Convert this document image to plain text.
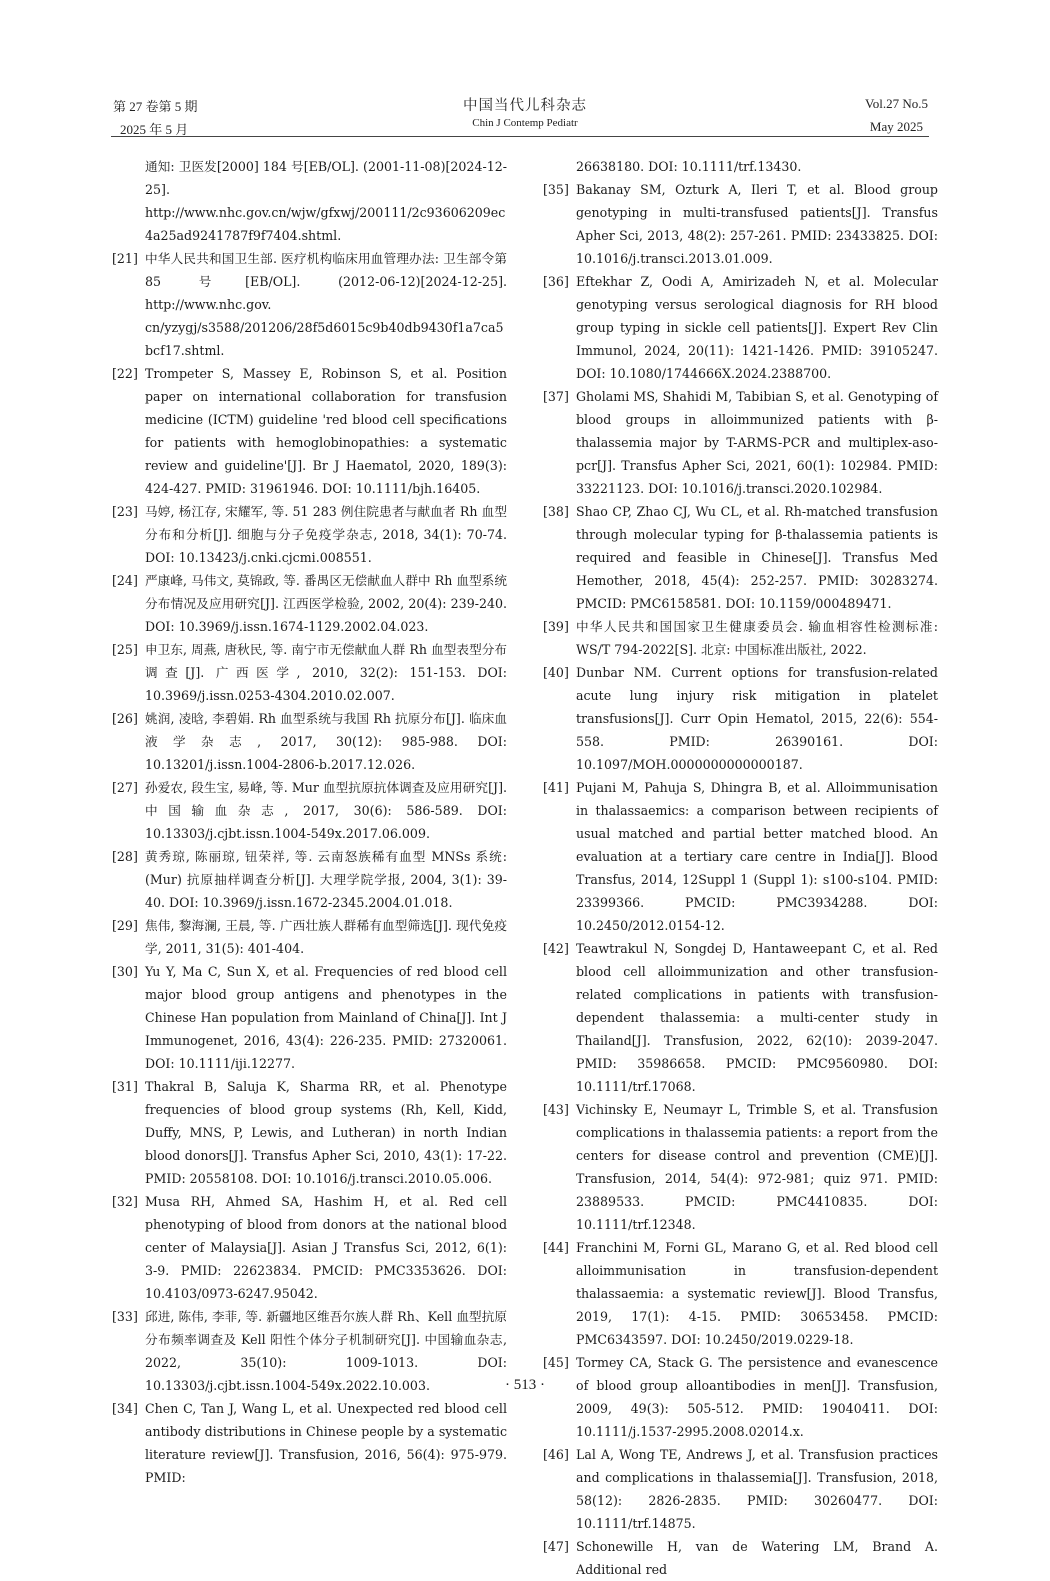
第 27 卷第 5 期
2025 年 5 月
中国当代儿科杂志
Chin J Contemp Pediatr
Vol.27 No.5
May 2025
通知: 卫医发[2000] 184 号[EB/OL]. (2001-11-08)[2024-12-25]. http://www.nhc.gov.cn/wjw/gfxwj/200111/2c93606209ec4a25ad9241787f9f7404.shtml.
[21] 中华人民共和国卫生部. 医疗机构临床用血管理办法: 卫生部令第 85 号[EB/OL]. (2012-06-12)[2024-12-25]. http://www.nhc.gov. cn/yzygj/s3588/201206/28f5d6015c9b40db9430f1a7ca5bcf17.shtml.
[22] Trompeter S, Massey E, Robinson S, et al. Position paper on international collaboration for transfusion medicine (ICTM) guideline 'red blood cell specifications for patients with hemoglobinopathies: a systematic review and guideline'[J]. Br J Haematol, 2020, 189(3): 424-427. PMID: 31961946. DOI: 10.1111/bjh.16405.
[23] 马婷, 杨江存, 宋耀军, 等. 51 283 例住院患者与献血者 Rh 血型分布和分析[J]. 细胞与分子免疫学杂志, 2018, 34(1): 70-74. DOI: 10.13423/j.cnki.cjcmi.008551.
[24] 严康峰, 马伟文, 莫锦政, 等. 番禺区无偿献血人群中 Rh 血型系统分布情况及应用研究[J]. 江西医学检验, 2002, 20(4): 239-240. DOI: 10.3969/j.issn.1674-1129.2002.04.023.
[25] 申卫东, 周燕, 唐秋民, 等. 南宁市无偿献血人群 Rh 血型表型分布调查[J]. 广西医学, 2010, 32(2): 151-153. DOI: 10.3969/j.issn.0253-4304.2010.02.007.
[26] 姚润, 凌晗, 李碧娟. Rh 血型系统与我国 Rh 抗原分布[J]. 临床血液学杂志, 2017, 30(12): 985-988. DOI: 10.13201/j.issn.1004-2806-b.2017.12.026.
[27] 孙爱农, 段生宝, 易峰, 等. Mur 血型抗原抗体调查及应用研究[J]. 中国输血杂志, 2017, 30(6): 586-589. DOI: 10.13303/j.cjbt.issn.1004-549x.2017.06.009.
[28] 黄秀琼, 陈丽琼, 钮荣祥, 等. 云南怒族稀有血型 MNSs 系统: (Mur) 抗原抽样调查分析[J]. 大理学院学报, 2004, 3(1): 39-40. DOI: 10.3969/j.issn.1672-2345.2004.01.018.
[29] 焦伟, 黎海澜, 王晨, 等. 广西壮族人群稀有血型筛选[J]. 现代免疫学, 2011, 31(5): 401-404.
[30] Yu Y, Ma C, Sun X, et al. Frequencies of red blood cell major blood group antigens and phenotypes in the Chinese Han population from Mainland of China[J]. Int J Immunogenet, 2016, 43(4): 226-235. PMID: 27320061. DOI: 10.1111/iji.12277.
[31] Thakral B, Saluja K, Sharma RR, et al. Phenotype frequencies of blood group systems (Rh, Kell, Kidd, Duffy, MNS, P, Lewis, and Lutheran) in north Indian blood donors[J]. Transfus Apher Sci, 2010, 43(1): 17-22. PMID: 20558108. DOI: 10.1016/j.transci.2010.05.006.
[32] Musa RH, Ahmed SA, Hashim H, et al. Red cell phenotyping of blood from donors at the national blood center of Malaysia[J]. Asian J Transfus Sci, 2012, 6(1): 3-9. PMID: 22623834. PMCID: PMC3353626. DOI: 10.4103/0973-6247.95042.
[33] 邱进, 陈伟, 李菲, 等. 新疆地区维吾尔族人群 Rh、Kell 血型抗原分布频率调查及 Kell 阳性个体分子机制研究[J]. 中国输血杂志, 2022, 35(10): 1009-1013. DOI: 10.13303/j.cjbt.issn.1004-549x.2022.10.003.
[34] Chen C, Tan J, Wang L, et al. Unexpected red blood cell antibody distributions in Chinese people by a systematic literature review[J]. Transfusion, 2016, 56(4): 975-979. PMID:
26638180. DOI: 10.1111/trf.13430.
[35] Bakanay SM, Ozturk A, Ileri T, et al. Blood group genotyping in multi-transfused patients[J]. Transfus Apher Sci, 2013, 48(2): 257-261. PMID: 23433825. DOI: 10.1016/j.transci.2013.01.009.
[36] Eftekhar Z, Oodi A, Amirizadeh N, et al. Molecular genotyping versus serological diagnosis for RH blood group typing in sickle cell patients[J]. Expert Rev Clin Immunol, 2024, 20(11): 1421-1426. PMID: 39105247. DOI: 10.1080/1744666X.2024.2388700.
[37] Gholami MS, Shahidi M, Tabibian S, et al. Genotyping of blood groups in alloimmunized patients with β-thalassemia major by T-ARMS-PCR and multiplex-aso-pcr[J]. Transfus Apher Sci, 2021, 60(1): 102984. PMID: 33221123. DOI: 10.1016/j.transci.2020.102984.
[38] Shao CP, Zhao CJ, Wu CL, et al. Rh-matched transfusion through molecular typing for β-thalassemia patients is required and feasible in Chinese[J]. Transfus Med Hemother, 2018, 45(4): 252-257. PMID: 30283274. PMCID: PMC6158581. DOI: 10.1159/000489471.
[39] 中华人民共和国国家卫生健康委员会. 输血相容性检测标准: WS/T 794-2022[S]. 北京: 中国标准出版社, 2022.
[40] Dunbar NM. Current options for transfusion-related acute lung injury risk mitigation in platelet transfusions[J]. Curr Opin Hematol, 2015, 22(6): 554-558. PMID: 26390161. DOI: 10.1097/MOH.0000000000000187.
[41] Pujani M, Pahuja S, Dhingra B, et al. Alloimmunisation in thalassaemics: a comparison between recipients of usual matched and partial better matched blood. An evaluation at a tertiary care centre in India[J]. Blood Transfus, 2014, 12Suppl 1 (Suppl 1): s100-s104. PMID: 23399366. PMCID: PMC3934288. DOI: 10.2450/2012.0154-12.
[42] Teawtrakul N, Songdej D, Hantaweepant C, et al. Red blood cell alloimmunization and other transfusion-related complications in patients with transfusion-dependent thalassemia: a multi-center study in Thailand[J]. Transfusion, 2022, 62(10): 2039-2047. PMID: 35986658. PMCID: PMC9560980. DOI: 10.1111/trf.17068.
[43] Vichinsky E, Neumayr L, Trimble S, et al. Transfusion complications in thalassemia patients: a report from the centers for disease control and prevention (CME)[J]. Transfusion, 2014, 54(4): 972-981; quiz 971. PMID: 23889533. PMCID: PMC4410835. DOI: 10.1111/trf.12348.
[44] Franchini M, Forni GL, Marano G, et al. Red blood cell alloimmunisation in transfusion-dependent thalassaemia: a systematic review[J]. Blood Transfus, 2019, 17(1): 4-15. PMID: 30653458. PMCID: PMC6343597. DOI: 10.2450/2019.0229-18.
[45] Tormey CA, Stack G. The persistence and evanescence of blood group alloantibodies in men[J]. Transfusion, 2009, 49(3): 505-512. PMID: 19040411. DOI: 10.1111/j.1537-2995.2008.02014.x.
[46] Lal A, Wong TE, Andrews J, et al. Transfusion practices and complications in thalassemia[J]. Transfusion, 2018, 58(12): 2826-2835. PMID: 30260477. DOI: 10.1111/trf.14875.
[47] Schonewille H, van de Watering LM, Brand A. Additional red
· 513 ·
